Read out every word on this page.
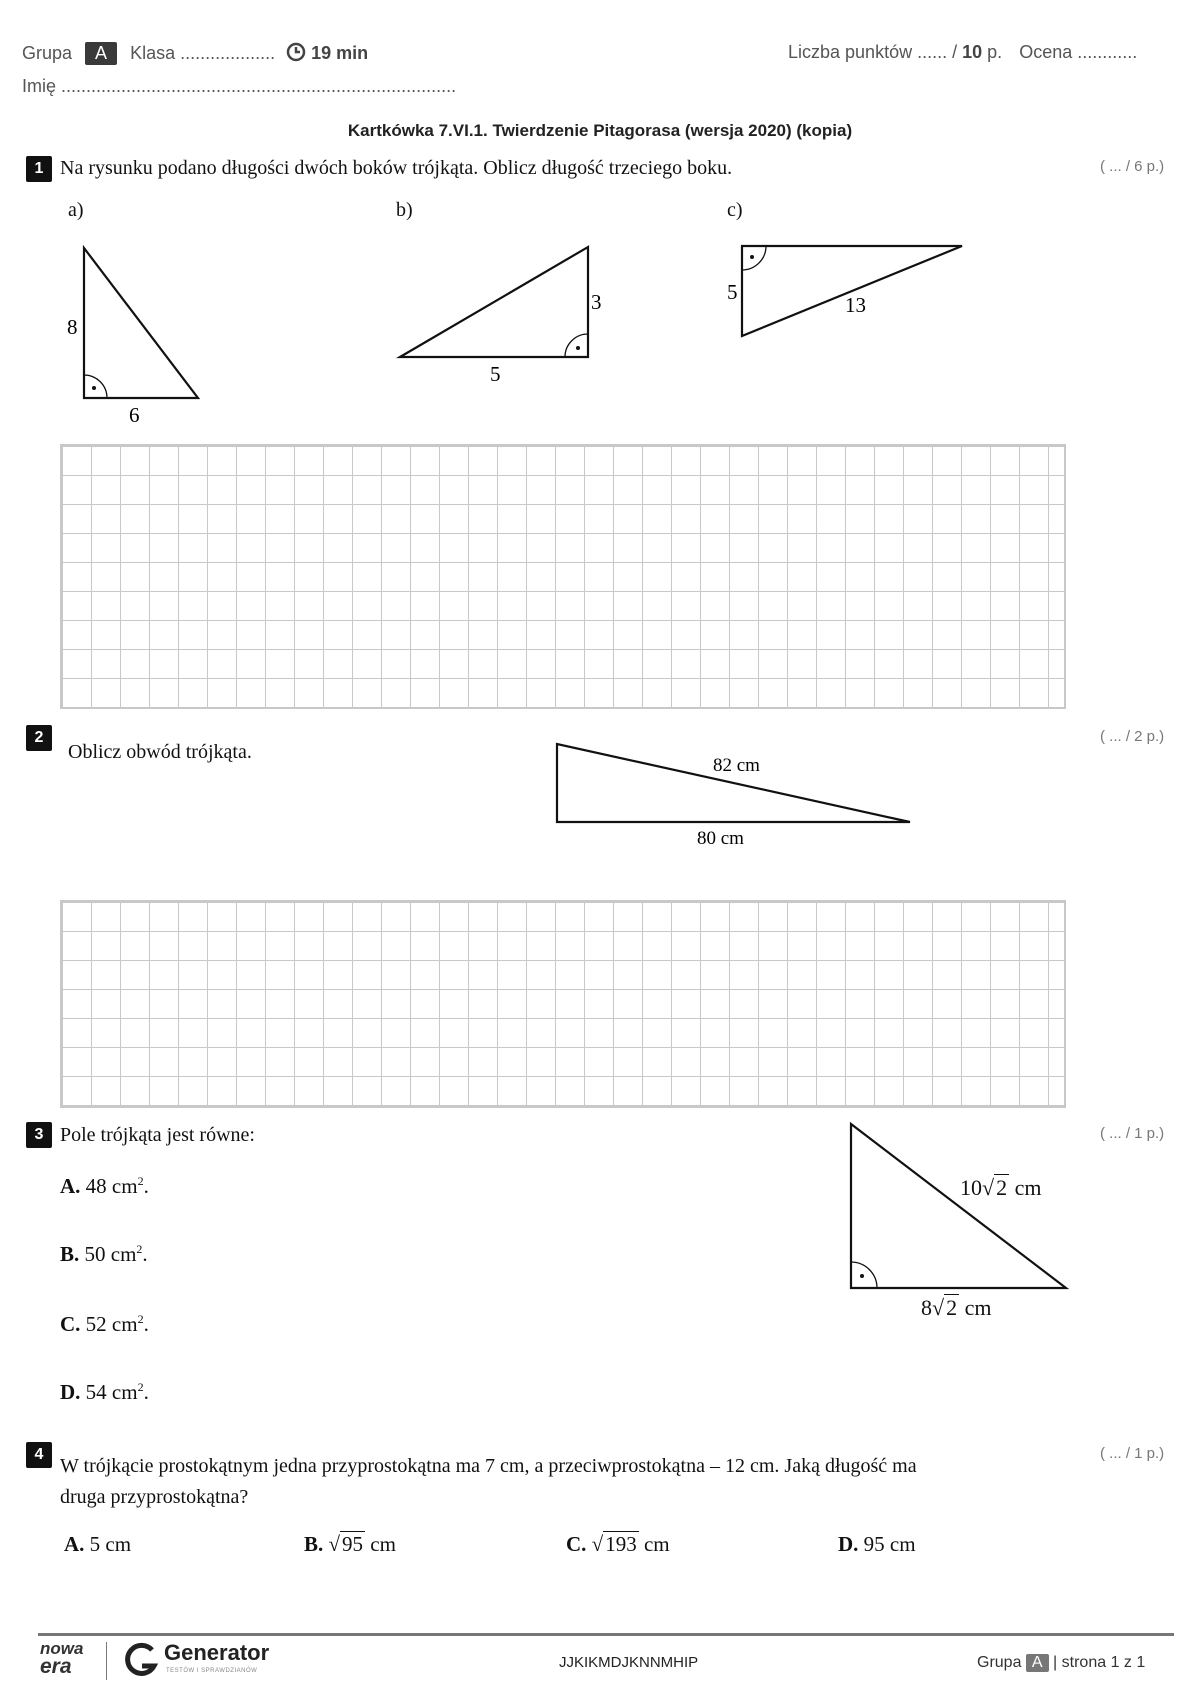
Grupa A Klasa ................... 19 min	Liczba punktów ...... / 10 p. Ocena ............
Imię ...............................................................................
Kartkówka 7.VI.1. Twierdzenie Pitagorasa (wersja 2020) (kopia)
1 Na rysunku podano długości dwóch boków trójkąta. Oblicz długość trzeciego boku.	( ... / 6 p.)
a)	b)	c)
8
6
3
5
5
13
2
Oblicz obwód trójkąta.
( ... / 2 p.)
82 cm
80 cm
3 Pole trójkąta jest równe:	( ... / 1 p.)
A. 48 $cm^2$.
B. 50 $cm^2$.
C. 52 $cm^2$.
D. 54 $cm^2$.
10√2 cm
8√2 cm
4
W trójkącie prostokątnym jedna przyprostokątna ma 7 cm, a przeciwprostokątna – 12 cm. Jaką długość ma
druga przyprostokątna?
( ... / 1 p.)
A. 5 cm	B. √95 cm	C. √193 cm	D. 95 cm
nowa
era
Generator
TESTÓW I SPRAWDZIANÓW	JJKIKMDJKNNMHIP	Grupa A | strona 1 z 1
